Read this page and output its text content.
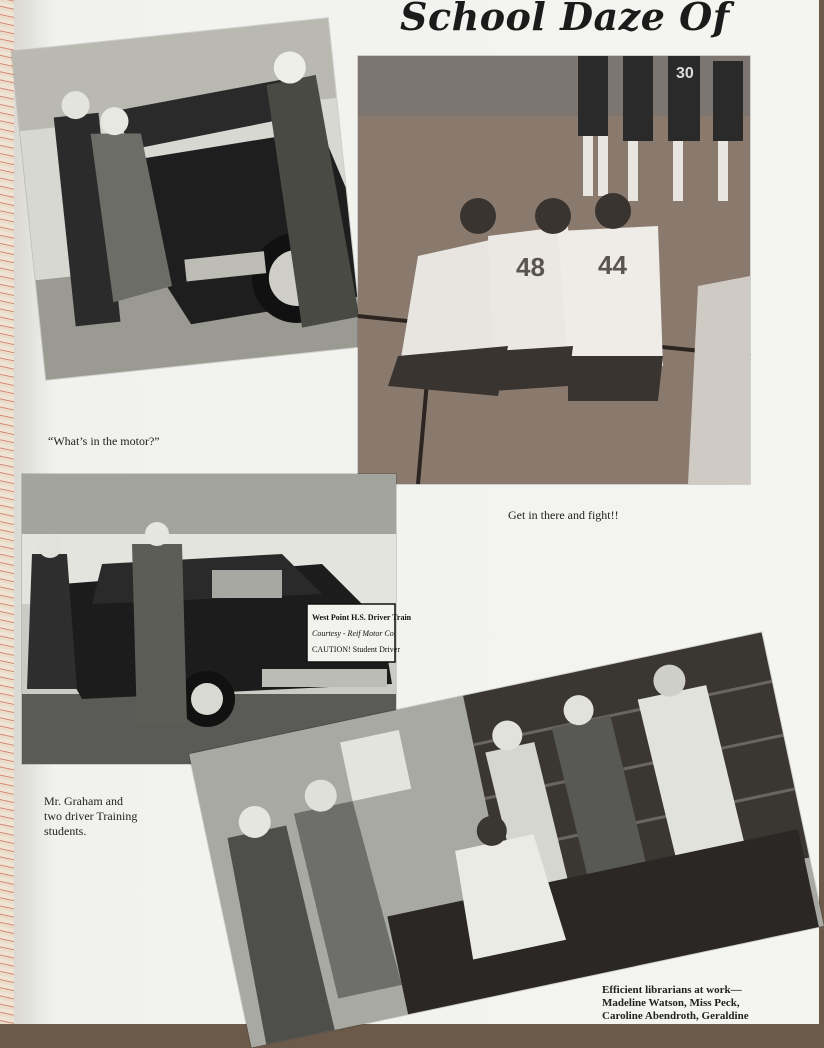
School Daze Of
“What’s in the motor?”
48 44
30
Get in there and fight!!
West Point H.S. Driver Train
Courtesy - Reif Motor Co.
CAUTION! Student Driver
Mr. Graham and
two driver Training
students.
Efficient librarians at work—
Madeline Watson, Miss Peck,
Caroline Abendroth, Geraldine
